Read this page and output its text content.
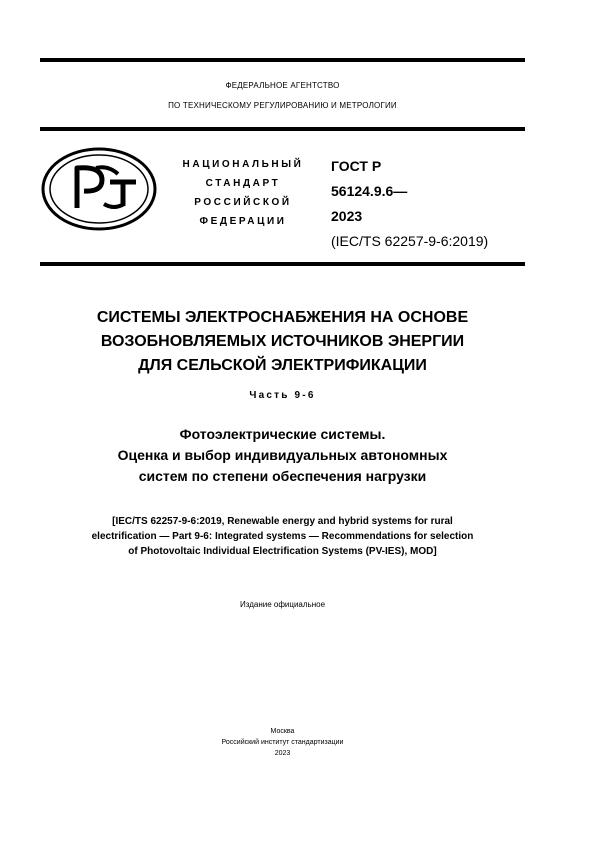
ФЕДЕРАЛЬНОЕ АГЕНТСТВО
ПО ТЕХНИЧЕСКОМУ РЕГУЛИРОВАНИЮ И МЕТРОЛОГИИ
НАЦИОНАЛЬНЫЙ
СТАНДАРТ
РОССИЙСКОЙ
ФЕДЕРАЦИИ
ГОСТ Р
56124.9.6—
2023
(IEC/TS 62257-9-6:2019)
СИСТЕМЫ ЭЛЕКТРОСНАБЖЕНИЯ НА ОСНОВЕ
ВОЗОБНОВЛЯЕМЫХ ИСТОЧНИКОВ ЭНЕРГИИ
ДЛЯ СЕЛЬСКОЙ ЭЛЕКТРИФИКАЦИИ
Часть 9-6
Фотоэлектрические системы.
Оценка и выбор индивидуальных автономных
систем по степени обеспечения нагрузки
[IEC/TS 62257-9-6:2019, Renewable energy and hybrid systems for rural
electrification — Part 9-6: Integrated systems — Recommendations for selection
of Photovoltaic Individual Electrification Systems (PV-IES), MOD]
Издание официальное
Москва
Российский институт стандартизации
2023
